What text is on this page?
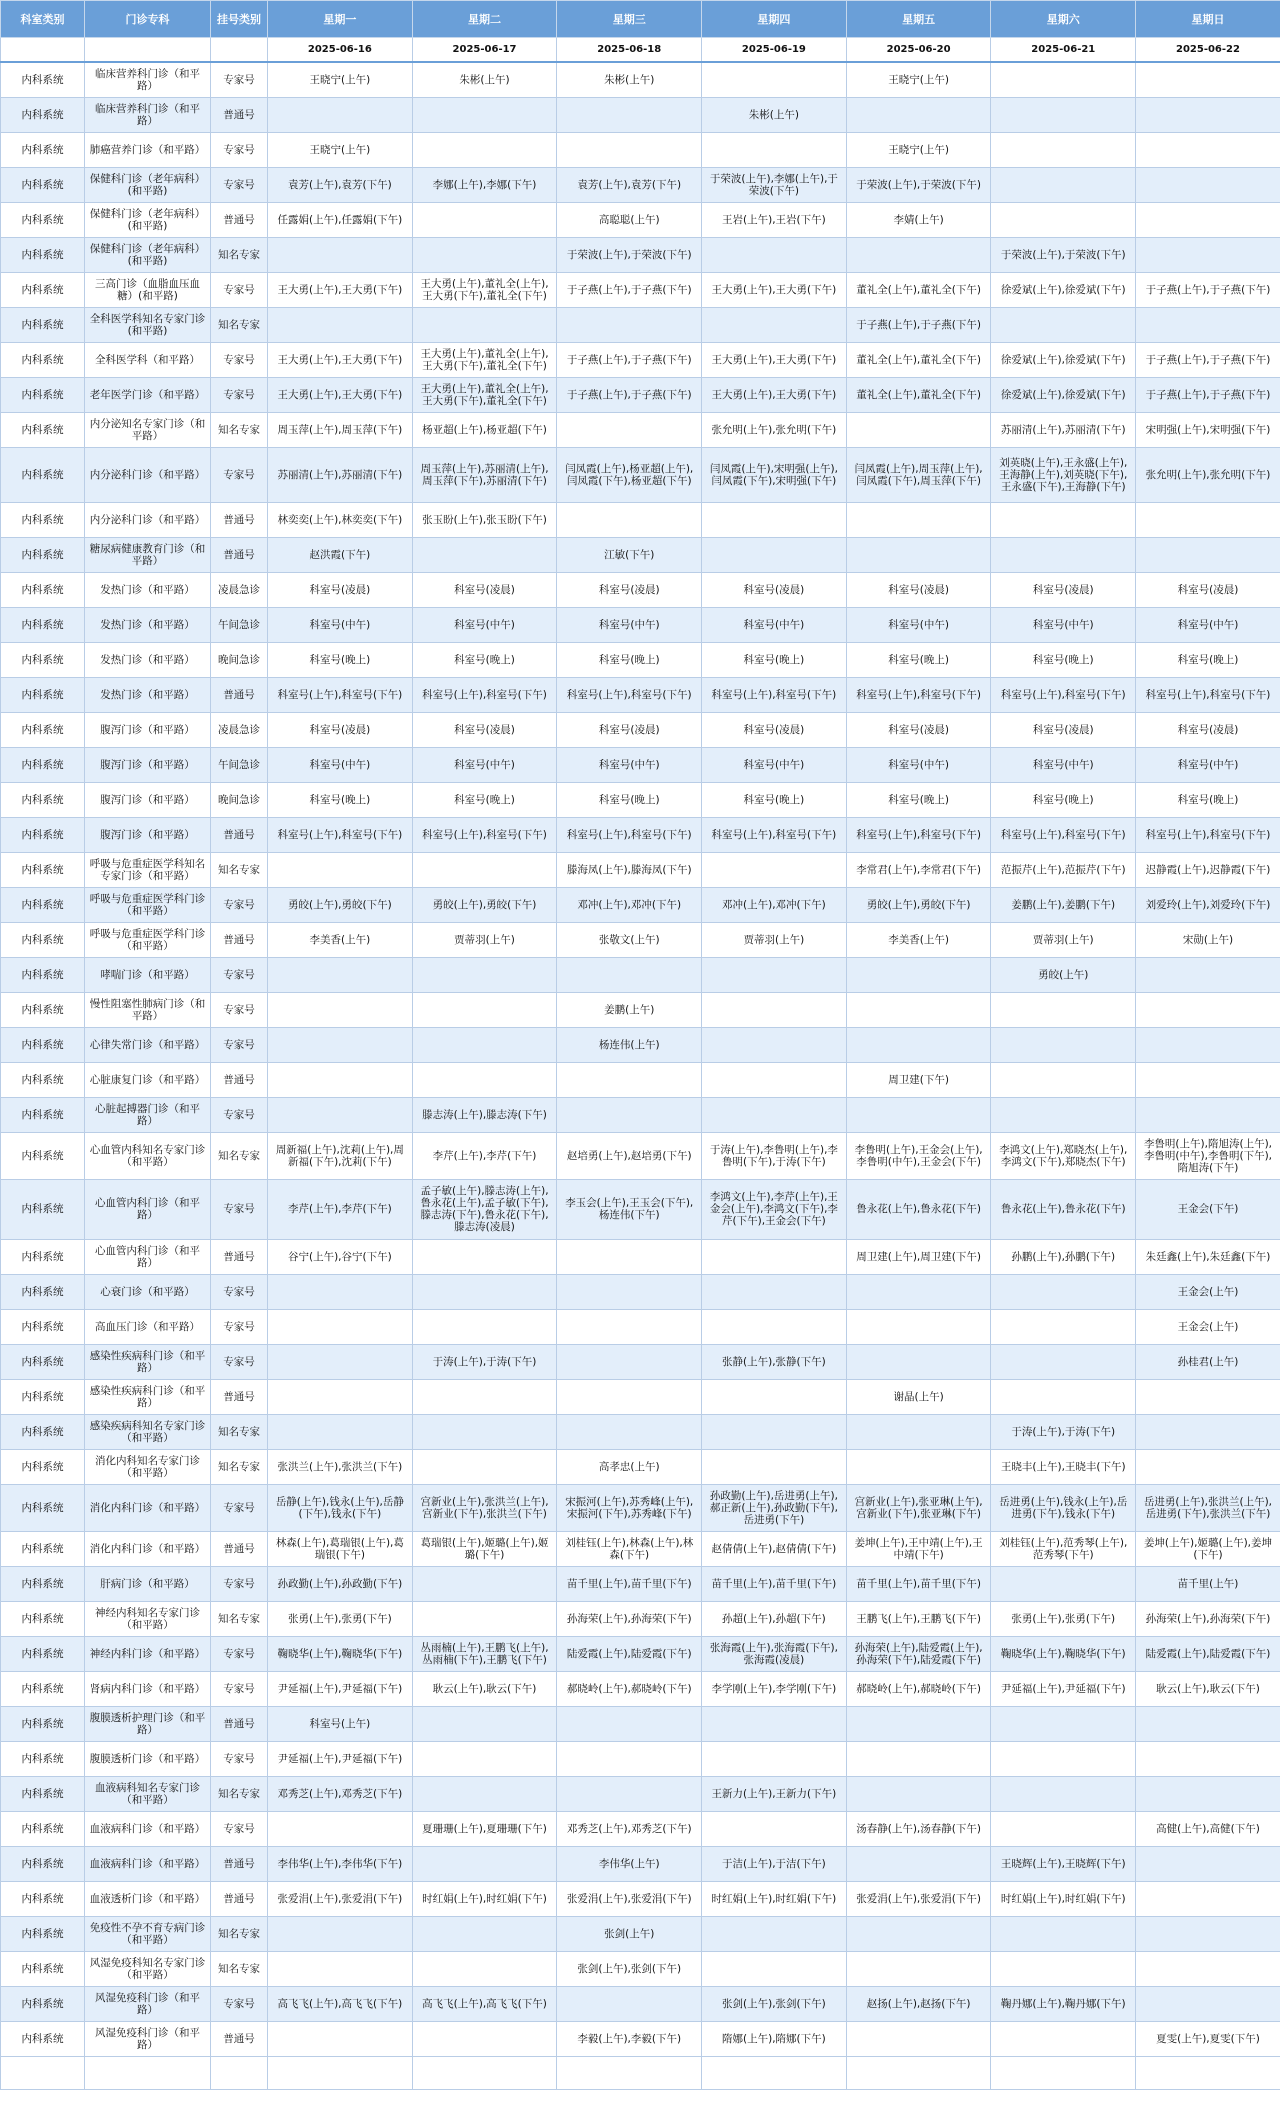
科室类别	门诊专科	挂号类别	星期一	星期二	星期三	星期四	星期五	星期六	星期日
			2025-06-16	2025-06-17	2025-06-18	2025-06-19	2025-06-20	2025-06-21	2025-06-22
内科系统	临床营养科门诊（和平路）	专家号	王晓宁(上午)	朱彬(上午)	朱彬(上午)		王晓宁(上午)		
内科系统	临床营养科门诊（和平路）	普通号				朱彬(上午)			
内科系统	肺癌营养门诊（和平路）	专家号	王晓宁(上午)				王晓宁(上午)		
内科系统	保健科门诊（老年病科）(和平路)	专家号	袁芳(上午),袁芳(下午)	李娜(上午),李娜(下午)	袁芳(上午),袁芳(下午)	于荣波(上午),李娜(上午),于荣波(下午)	于荣波(上午),于荣波(下午)		
内科系统	保健科门诊（老年病科）(和平路)	普通号	任露娟(上午),任露娟(下午)		高聪聪(上午)	王岩(上午),王岩(下午)	李婧(上午)		
内科系统	保健科门诊（老年病科）(和平路)	知名专家			于荣波(上午),于荣波(下午)			于荣波(上午),于荣波(下午)	
内科系统	三高门诊（血脂血压血糖）(和平路)	专家号	王大勇(上午),王大勇(下午)	王大勇(上午),董礼全(上午),王大勇(下午),董礼全(下午)	于子燕(上午),于子燕(下午)	王大勇(上午),王大勇(下午)	董礼全(上午),董礼全(下午)	徐爱斌(上午),徐爱斌(下午)	于子燕(上午),于子燕(下午)
内科系统	全科医学科知名专家门诊(和平路)	知名专家					于子燕(上午),于子燕(下午)		
内科系统	全科医学科（和平路）	专家号	王大勇(上午),王大勇(下午)	王大勇(上午),董礼全(上午),王大勇(下午),董礼全(下午)	于子燕(上午),于子燕(下午)	王大勇(上午),王大勇(下午)	董礼全(上午),董礼全(下午)	徐爱斌(上午),徐爱斌(下午)	于子燕(上午),于子燕(下午)
内科系统	老年医学门诊（和平路）	专家号	王大勇(上午),王大勇(下午)	王大勇(上午),董礼全(上午),王大勇(下午),董礼全(下午)	于子燕(上午),于子燕(下午)	王大勇(上午),王大勇(下午)	董礼全(上午),董礼全(下午)	徐爱斌(上午),徐爱斌(下午)	于子燕(上午),于子燕(下午)
内科系统	内分泌知名专家门诊（和平路）	知名专家	周玉萍(上午),周玉萍(下午)	杨亚超(上午),杨亚超(下午)		张允明(上午),张允明(下午)		苏丽清(上午),苏丽清(下午)	宋明强(上午),宋明强(下午)
内科系统	内分泌科门诊（和平路）	专家号	苏丽清(上午),苏丽清(下午)	周玉萍(上午),苏丽清(上午),周玉萍(下午),苏丽清(下午)	闫凤霞(上午),杨亚超(上午),闫凤霞(下午),杨亚超(下午)	闫凤霞(上午),宋明强(上午),闫凤霞(下午),宋明强(下午)	闫凤霞(上午),周玉萍(上午),闫凤霞(下午),周玉萍(下午)	刘英晓(上午),王永盛(上午),王海静(上午),刘英晓(下午),王永盛(下午),王海静(下午)	张允明(上午),张允明(下午)
内科系统	内分泌科门诊（和平路）	普通号	林奕奕(上午),林奕奕(下午)	张玉盼(上午),张玉盼(下午)					
内科系统	糖尿病健康教育门诊（和平路）	普通号	赵洪霞(下午)		江敏(下午)				
内科系统	发热门诊（和平路）	凌晨急诊	科室号(凌晨)	科室号(凌晨)	科室号(凌晨)	科室号(凌晨)	科室号(凌晨)	科室号(凌晨)	科室号(凌晨)
内科系统	发热门诊（和平路）	午间急诊	科室号(中午)	科室号(中午)	科室号(中午)	科室号(中午)	科室号(中午)	科室号(中午)	科室号(中午)
内科系统	发热门诊（和平路）	晚间急诊	科室号(晚上)	科室号(晚上)	科室号(晚上)	科室号(晚上)	科室号(晚上)	科室号(晚上)	科室号(晚上)
内科系统	发热门诊（和平路）	普通号	科室号(上午),科室号(下午)	科室号(上午),科室号(下午)	科室号(上午),科室号(下午)	科室号(上午),科室号(下午)	科室号(上午),科室号(下午)	科室号(上午),科室号(下午)	科室号(上午),科室号(下午)
内科系统	腹泻门诊（和平路）	凌晨急诊	科室号(凌晨)	科室号(凌晨)	科室号(凌晨)	科室号(凌晨)	科室号(凌晨)	科室号(凌晨)	科室号(凌晨)
内科系统	腹泻门诊（和平路）	午间急诊	科室号(中午)	科室号(中午)	科室号(中午)	科室号(中午)	科室号(中午)	科室号(中午)	科室号(中午)
内科系统	腹泻门诊（和平路）	晚间急诊	科室号(晚上)	科室号(晚上)	科室号(晚上)	科室号(晚上)	科室号(晚上)	科室号(晚上)	科室号(晚上)
内科系统	腹泻门诊（和平路）	普通号	科室号(上午),科室号(下午)	科室号(上午),科室号(下午)	科室号(上午),科室号(下午)	科室号(上午),科室号(下午)	科室号(上午),科室号(下午)	科室号(上午),科室号(下午)	科室号(上午),科室号(下午)
内科系统	呼吸与危重症医学科知名专家门诊（和平路）	知名专家			滕海凤(上午),滕海凤(下午)		李常君(上午),李常君(下午)	范振芹(上午),范振芹(下午)	迟静霞(上午),迟静霞(下午)
内科系统	呼吸与危重症医学科门诊（和平路）	专家号	勇皎(上午),勇皎(下午)	勇皎(上午),勇皎(下午)	邓冲(上午),邓冲(下午)	邓冲(上午),邓冲(下午)	勇皎(上午),勇皎(下午)	姜鹏(上午),姜鹏(下午)	刘爱玲(上午),刘爱玲(下午)
内科系统	呼吸与危重症医学科门诊（和平路）	普通号	李美香(上午)	贾蒂羽(上午)	张敬文(上午)	贾蒂羽(上午)	李美香(上午)	贾蒂羽(上午)	宋勋(上午)
内科系统	哮喘门诊（和平路）	专家号						勇皎(上午)	
内科系统	慢性阻塞性肺病门诊（和平路）	专家号			姜鹏(上午)				
内科系统	心律失常门诊（和平路）	专家号			杨连伟(上午)				
内科系统	心脏康复门诊（和平路）	普通号					周卫建(下午)		
内科系统	心脏起搏器门诊（和平路）	专家号		滕志涛(上午),滕志涛(下午)					
内科系统	心血管内科知名专家门诊（和平路）	知名专家	周新福(上午),沈莉(上午),周新福(下午),沈莉(下午)	李芹(上午),李芹(下午)	赵培勇(上午),赵培勇(下午)	于涛(上午),李鲁明(上午),李鲁明(下午),于涛(下午)	李鲁明(上午),王金会(上午),李鲁明(中午),王金会(下午)	李鸿文(上午),郑晓杰(上午),李鸿文(下午),郑晓杰(下午)	李鲁明(上午),隋旭涛(上午),李鲁明(中午),李鲁明(下午),隋旭涛(下午)
内科系统	心血管内科门诊（和平路）	专家号	李芹(上午),李芹(下午)	孟子敏(上午),滕志涛(上午),鲁永花(上午),孟子敏(下午),滕志涛(下午),鲁永花(下午),滕志涛(凌晨)	李玉会(上午),王玉会(下午),杨连伟(下午)	李鸿文(上午),李芹(上午),王金会(上午),李鸿文(下午),李芹(下午),王金会(下午)	鲁永花(上午),鲁永花(下午)	鲁永花(上午),鲁永花(下午)	王金会(下午)
内科系统	心血管内科门诊（和平路）	普通号	谷宁(上午),谷宁(下午)				周卫建(上午),周卫建(下午)	孙鹏(上午),孙鹏(下午)	朱廷鑫(上午),朱廷鑫(下午)
内科系统	心衰门诊（和平路）	专家号							王金会(上午)
内科系统	高血压门诊（和平路）	专家号							王金会(上午)
内科系统	感染性疾病科门诊（和平路）	专家号		于涛(上午),于涛(下午)		张静(上午),张静(下午)			孙桂君(上午)
内科系统	感染性疾病科门诊（和平路）	普通号					谢晶(上午)		
内科系统	感染疾病科知名专家门诊（和平路）	知名专家						于涛(上午),于涛(下午)	
内科系统	消化内科知名专家门诊（和平路）	知名专家	张洪兰(上午),张洪兰(下午)		高孝忠(上午)			王晓丰(上午),王晓丰(下午)	
内科系统	消化内科门诊（和平路）	专家号	岳静(上午),钱永(上午),岳静(下午),钱永(下午)	宫新业(上午),张洪兰(上午),宫新业(下午),张洪兰(下午)	宋振河(上午),苏秀峰(上午),宋振河(下午),苏秀峰(下午)	孙政勤(上午),岳进勇(上午),郝正新(上午),孙政勤(下午),岳进勇(下午)	宫新业(上午),张亚琳(上午),宫新业(下午),张亚琳(下午)	岳进勇(上午),钱永(上午),岳进勇(下午),钱永(下午)	岳进勇(上午),张洪兰(上午),岳进勇(下午),张洪兰(下午)
内科系统	消化内科门诊（和平路）	普通号	林森(上午),葛瑞银(上午),葛瑞银(下午)	葛瑞银(上午),姬璐(上午),姬璐(下午)	刘桂钰(上午),林森(上午),林森(下午)	赵倩倩(上午),赵倩倩(下午)	姜坤(上午),王中靖(上午),王中靖(下午)	刘桂钰(上午),范秀琴(上午),范秀琴(下午)	姜坤(上午),姬璐(上午),姜坤(下午)
内科系统	肝病门诊（和平路）	专家号	孙政勤(上午),孙政勤(下午)		苗千里(上午),苗千里(下午)	苗千里(上午),苗千里(下午)	苗千里(上午),苗千里(下午)		苗千里(上午)
内科系统	神经内科知名专家门诊（和平路）	知名专家	张勇(上午),张勇(下午)		孙海荣(上午),孙海荣(下午)	孙超(上午),孙超(下午)	王鹏飞(上午),王鹏飞(下午)	张勇(上午),张勇(下午)	孙海荣(上午),孙海荣(下午)
内科系统	神经内科门诊（和平路）	专家号	鞠晓华(上午),鞠晓华(下午)	丛雨楠(上午),王鹏飞(上午),丛雨楠(下午),王鹏飞(下午)	陆爱霞(上午),陆爱霞(下午)	张海霞(上午),张海霞(下午),张海霞(凌晨)	孙海荣(上午),陆爱霞(上午),孙海荣(下午),陆爱霞(下午)	鞠晓华(上午),鞠晓华(下午)	陆爱霞(上午),陆爱霞(下午)
内科系统	肾病内科门诊（和平路）	专家号	尹延福(上午),尹延福(下午)	耿云(上午),耿云(下午)	郝晓岭(上午),郝晓岭(下午)	李学刚(上午),李学刚(下午)	郝晓岭(上午),郝晓岭(下午)	尹延福(上午),尹延福(下午)	耿云(上午),耿云(下午)
内科系统	腹膜透析护理门诊（和平路）	普通号	科室号(上午)						
内科系统	腹膜透析门诊（和平路）	专家号	尹延福(上午),尹延福(下午)						
内科系统	血液病科知名专家门诊（和平路）	知名专家	邓秀芝(上午),邓秀芝(下午)			王新力(上午),王新力(下午)			
内科系统	血液病科门诊（和平路）	专家号		夏珊珊(上午),夏珊珊(下午)	邓秀芝(上午),邓秀芝(下午)		汤春静(上午),汤春静(下午)		高健(上午),高健(下午)
内科系统	血液病科门诊（和平路）	普通号	李伟华(上午),李伟华(下午)		李伟华(上午)	于洁(上午),于洁(下午)		王晓辉(上午),王晓辉(下午)	
内科系统	血液透析门诊（和平路）	普通号	张爱涓(上午),张爱涓(下午)	时红娟(上午),时红娟(下午)	张爱涓(上午),张爱涓(下午)	时红娟(上午),时红娟(下午)	张爱涓(上午),张爱涓(下午)	时红娟(上午),时红娟(下午)	
内科系统	免疫性不孕不育专病门诊（和平路）	知名专家			张剑(上午)				
内科系统	风湿免疫科知名专家门诊（和平路）	知名专家			张剑(上午),张剑(下午)				
内科系统	风湿免疫科门诊（和平路）	专家号	高飞飞(上午),高飞飞(下午)	高飞飞(上午),高飞飞(下午)		张剑(上午),张剑(下午)	赵扬(上午),赵扬(下午)	鞠丹娜(上午),鞠丹娜(下午)	
内科系统	风湿免疫科门诊（和平路）	普通号			李毅(上午),李毅(下午)	隋娜(上午),隋娜(下午)			夏雯(上午),夏雯(下午)
